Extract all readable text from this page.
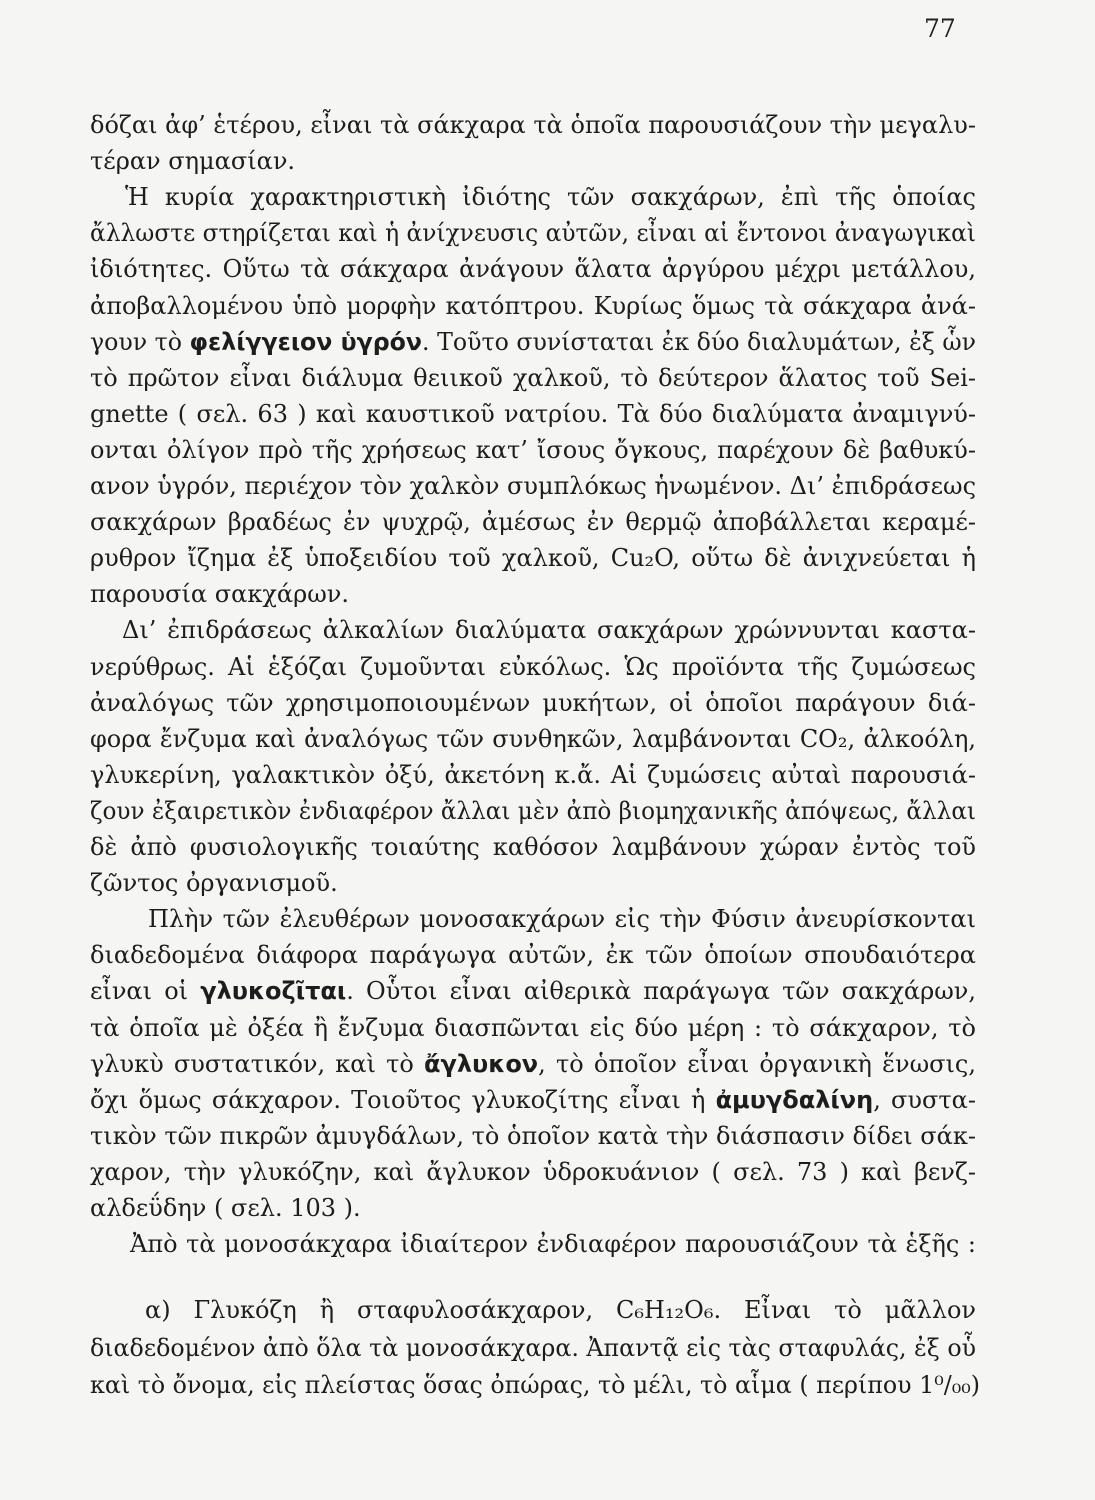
77
δόζαι ἀφ’ ἑτέρου, εἶναι τὰ σάκχαρα τὰ ὁποῖα παρουσιάζουν τὴν μεγαλυ-
τέραν σημασίαν.
Ἡ κυρία χαρακτηριστικὴ ἰδιότης τῶν σακχάρων, ἐπὶ τῆς ὁποίας
ἄλλωστε στηρίζεται καὶ ἡ ἀνίχνευσις αὐτῶν, εἶναι αἱ ἔντονοι ἀναγωγικαὶ
ἰδιότητες. Οὕτω τὰ σάκχαρα ἀνάγουν ἅλατα ἀργύρου μέχρι μετάλλου,
ἀποβαλλομένου ὑπὸ μορφὴν κατόπτρου. Κυρίως ὅμως τὰ σάκχαρα ἀνά-
γουν τὸ φελίγγειον ὑγρόν. Τοῦτο συνίσταται ἐκ δύο διαλυμάτων, ἐξ ὧν
τὸ πρῶτον εἶναι διάλυμα θειικοῦ χαλκοῦ, τὸ δεύτερον ἅλατος τοῦ Sei-
gnette ( σελ. 63 ) καὶ καυστικοῦ νατρίου. Τὰ δύο διαλύματα ἀναμιγνύ-
ονται ὀλίγον πρὸ τῆς χρήσεως κατ’ ἴσους ὄγκους, παρέχουν δὲ βαθυκύ-
ανον ὑγρόν, περιέχον τὸν χαλκὸν συμπλόκως ἡνωμένον. Δι’ ἐπιδράσεως
σακχάρων βραδέως ἐν ψυχρῷ, ἀμέσως ἐν θερμῷ ἀποβάλλεται κεραμέ-
ρυθρον ἴζημα ἐξ ὑποξειδίου τοῦ χαλκοῦ, Cu₂O, οὕτω δὲ ἀνιχνεύεται ἡ
παρουσία σακχάρων.
Δι’ ἐπιδράσεως ἀλκαλίων διαλύματα σακχάρων χρώννυνται καστα-
νερύθρως. Αἱ ἑξόζαι ζυμοῦνται εὐκόλως. Ὡς προϊόντα τῆς ζυμώσεως
ἀναλόγως τῶν χρησιμοποιουμένων μυκήτων, οἱ ὁποῖοι παράγουν διά-
φορα ἔνζυμα καὶ ἀναλόγως τῶν συνθηκῶν, λαμβάνονται CO₂, ἀλκοόλη,
γλυκερίνη, γαλακτικὸν ὀξύ, ἀκετόνη κ.ἄ. Αἱ ζυμώσεις αὐταὶ παρουσιά-
ζουν ἐξαιρετικὸν ἐνδιαφέρον ἄλλαι μὲν ἀπὸ βιομηχανικῆς ἀπόψεως, ἄλλαι
δὲ ἀπὸ φυσιολογικῆς τοιαύτης καθόσον λαμβάνουν χώραν ἐντὸς τοῦ
ζῶντος ὀργανισμοῦ.
Πλὴν τῶν ἐλευθέρων μονοσακχάρων εἰς τὴν Φύσιν ἀνευρίσκονται
διαδεδομένα διάφορα παράγωγα αὐτῶν, ἐκ τῶν ὁποίων σπουδαιότερα
εἶναι οἱ γλυκοζῖται. Οὗτοι εἶναι αἰθερικὰ παράγωγα τῶν σακχάρων,
τὰ ὁποῖα μὲ ὀξέα ἢ ἔνζυμα διασπῶνται εἰς δύο μέρη : τὸ σάκχαρον, τὸ
γλυκὺ συστατικόν, καὶ τὸ ἄγλυκον, τὸ ὁποῖον εἶναι ὀργανικὴ ἕνωσις,
ὄχι ὅμως σάκχαρον. Τοιοῦτος γλυκοζίτης εἶναι ἡ ἀμυγδαλίνη, συστα-
τικὸν τῶν πικρῶν ἀμυγδάλων, τὸ ὁποῖον κατὰ τὴν διάσπασιν δίδει σάκ-
χαρον, τὴν γλυκόζην, καὶ ἄγλυκον ὑδροκυάνιον ( σελ. 73 ) καὶ βενζ-
αλδεΰδην ( σελ. 103 ).
Ἀπὸ τὰ μονοσάκχαρα ἰδιαίτερον ἐνδιαφέρον παρουσιάζουν τὰ ἑξῆς :
α) Γλυκόζη ἢ σταφυλοσάκχαρον, C₆H₁₂O₆. Εἶναι τὸ μᾶλλον
διαδεδομένον ἀπὸ ὅλα τὰ μονοσάκχαρα. Ἀπαντᾷ εἰς τὰς σταφυλάς, ἐξ οὗ
καὶ τὸ ὄνομα, εἰς πλείστας ὅσας ὀπώρας, τὸ μέλι, τὸ αἷμα ( περίπου 1⁰/₀₀)
